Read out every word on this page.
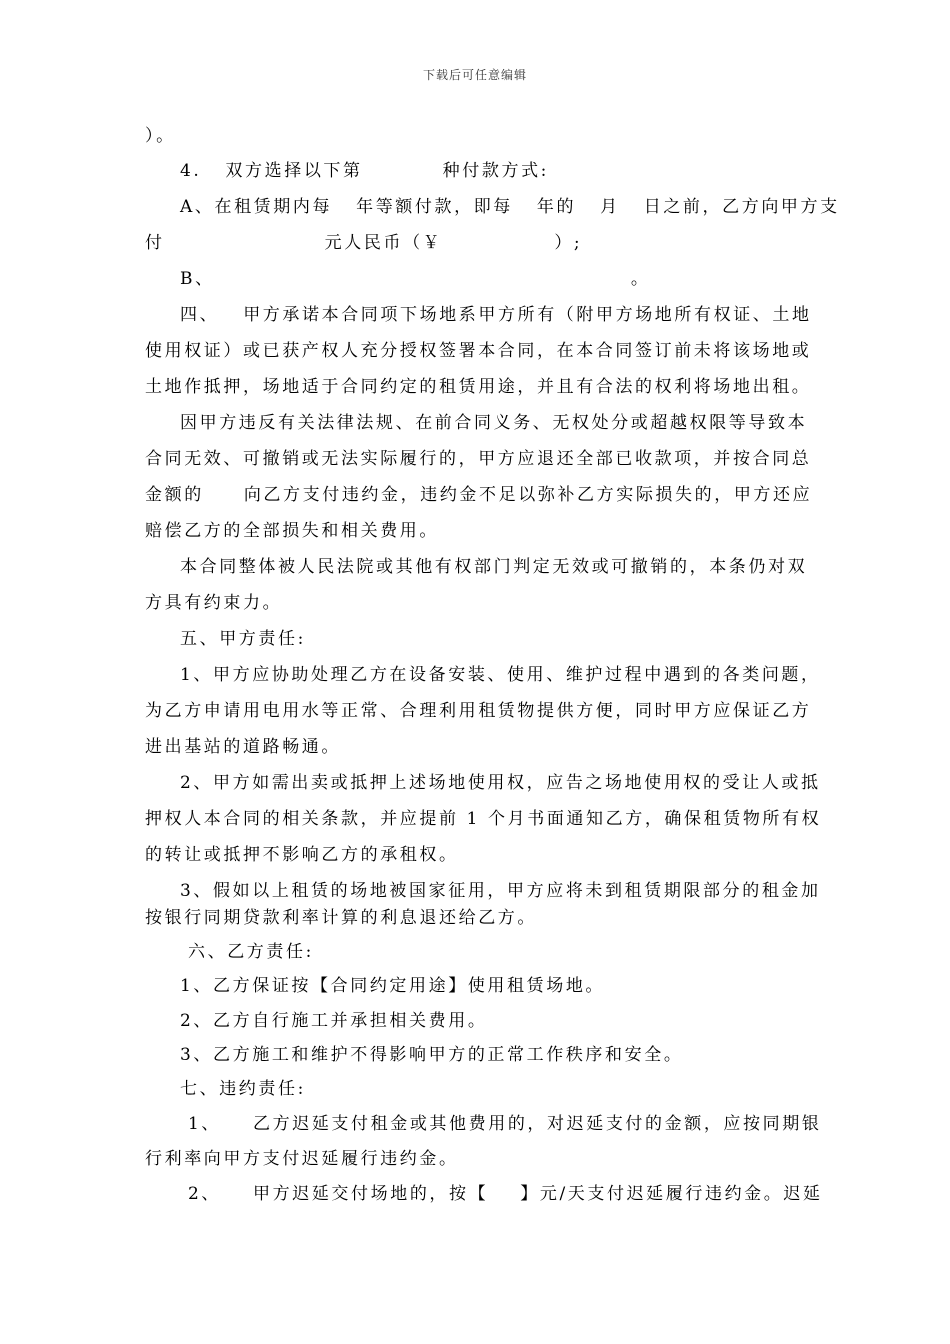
下载后可任意编辑
）。
4.   双方选择以下第          种付款方式:
A、在租赁期内每   年等额付款，即每   年的   月   日之前，乙方向甲方支
付                    元人民币（￥              ）;
B、                                                    。
四、   甲方承诺本合同项下场地系甲方所有（附甲方场地所有权证、土地
使用权证）或已获产权人充分授权签署本合同，在本合同签订前未将该场地或
土地作抵押，场地适于合同约定的租赁用途，并且有合法的权利将场地出租。
因甲方违反有关法律法规、在前合同义务、无权处分或超越权限等导致本
合同无效、可撤销或无法实际履行的，甲方应退还全部已收款项，并按合同总
金额的     向乙方支付违约金，违约金不足以弥补乙方实际损失的，甲方还应
赔偿乙方的全部损失和相关费用。
本合同整体被人民法院或其他有权部门判定无效或可撤销的，本条仍对双
方具有约束力。
五、甲方责任:
1、甲方应协助处理乙方在设备安装、使用、维护过程中遇到的各类问题，
为乙方申请用电用水等正常、合理利用租赁物提供方便，同时甲方应保证乙方
进出基站的道路畅通。
2、甲方如需出卖或抵押上述场地使用权，应告之场地使用权的受让人或抵
押权人本合同的相关条款，并应提前 1 个月书面通知乙方，确保租赁物所有权
的转让或抵押不影响乙方的承租权。
3、假如以上租赁的场地被国家征用，甲方应将未到租赁期限部分的租金加
按银行同期贷款利率计算的利息退还给乙方。
六、乙方责任:
1、乙方保证按【合同约定用途】使用租赁场地。
2、乙方自行施工并承担相关费用。
3、乙方施工和维护不得影响甲方的正常工作秩序和安全。
七、违约责任:
1、    乙方迟延支付租金或其他费用的，对迟延支付的金额，应按同期银
行利率向甲方支付迟延履行违约金。
2、    甲方迟延交付场地的，按【    】元/天支付迟延履行违约金。迟延
